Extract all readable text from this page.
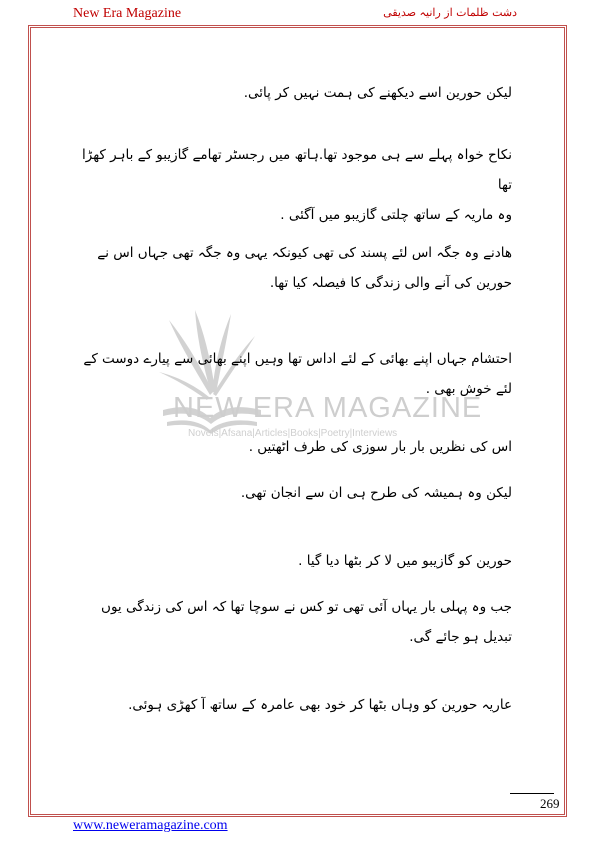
New Era Magazine	دشت ظلمات از رانیہ صدیقی
NEW ERA MAGAZINE
Novels|Afsana|Articles|Books|Poetry|Interviews

لیکن حورین اسے دیکھنے کی ہمت نہیں کر پائی.

نکاح خواہ پہلے سے ہی موجود تھا.ہاتھ میں رجسٹر تھامے گازیبو کے باہر کھڑا تھا

وہ ماریہ کے ساتھ چلتی گازیبو میں آگئی .

ھادنے وہ جگہ اس لئے پسند کی تھی کیونکہ یہی وہ جگہ تھی جہاں اس نے حورین کی آنے والی زندگی کا فیصلہ کیا تھا.

احتشام جہاں اپنے بھائی کے لئے اداس تھا وہیں اپنے بھائی سے پیارے دوست کے لئے خوش بھی .

اس کی نظریں بار بار سوزی کی طرف اٹھتیں .

لیکن وہ ہمیشہ کی طرح ہی ان سے انجان تھی.

حورین کو گازیبو میں لا کر بٹھا دیا گیا .

جب وہ پہلی بار یہاں آئی تھی تو کس نے سوچا تھا کہ اس کی زندگی یوں تبدیل ہو جائے گی.

عاریہ حورین کو وہاں بٹھا کر خود بھی عامرہ کے ساتھ آ کھڑی ہوئی.

269
www.neweramagazine.com
